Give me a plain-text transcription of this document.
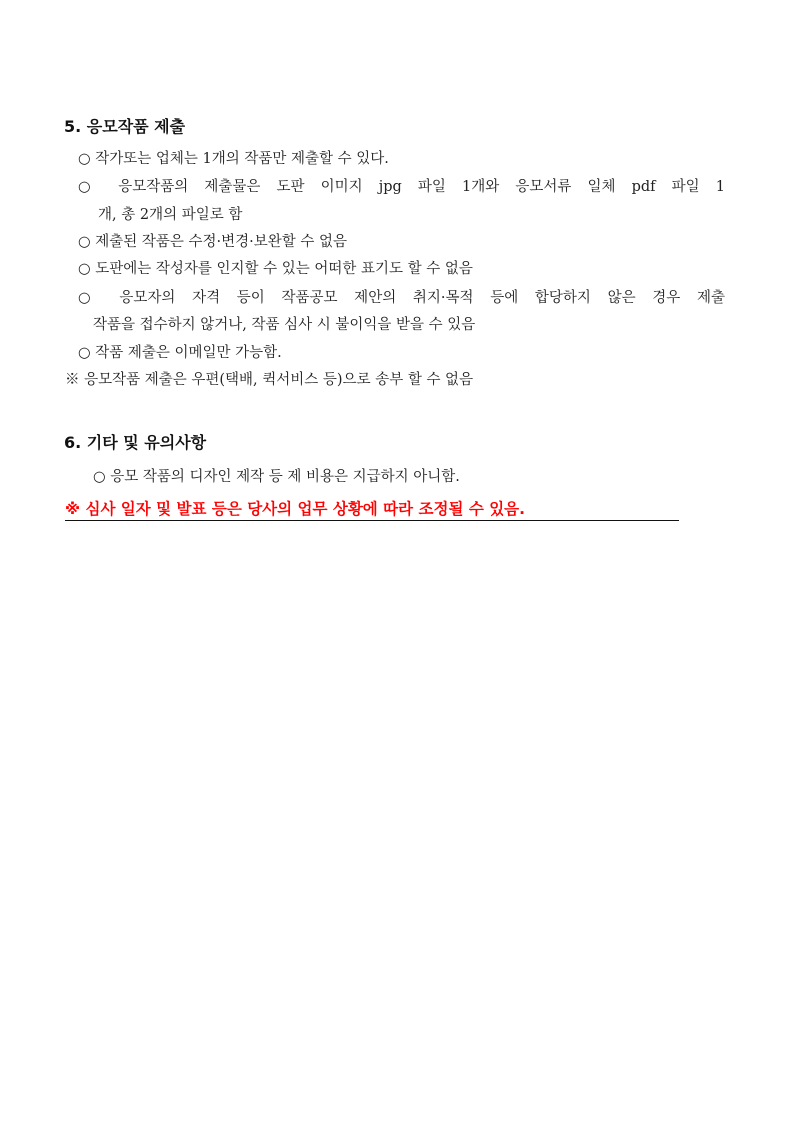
5. 응모작품 제출
○ 작가또는 업체는 1개의 작품만 제출할 수 있다.
○ 응모작품의 제출물은 도판 이미지 jpg 파일 1개와 응모서류 일체 pdf 파일 1
개, 총 2개의 파일로 함
○ 제출된 작품은 수정·변경·보완할 수 없음
○ 도판에는 작성자를 인지할 수 있는 어떠한 표기도 할 수 없음
○ 응모자의 자격 등이 작품공모 제안의 취지·목적 등에 합당하지 않은 경우 제출
작품을 접수하지 않거나, 작품 심사 시 불이익을 받을 수 있음
○ 작품 제출은 이메일만 가능함.
※ 응모작품 제출은 우편(택배, 퀵서비스 등)으로 송부 할 수 없음
6. 기타 및 유의사항
○ 응모 작품의 디자인 제작 등 제 비용은 지급하지 아니함.
※ 심사 일자 및 발표 등은 당사의 업무 상황에 따라 조정될 수 있음.
